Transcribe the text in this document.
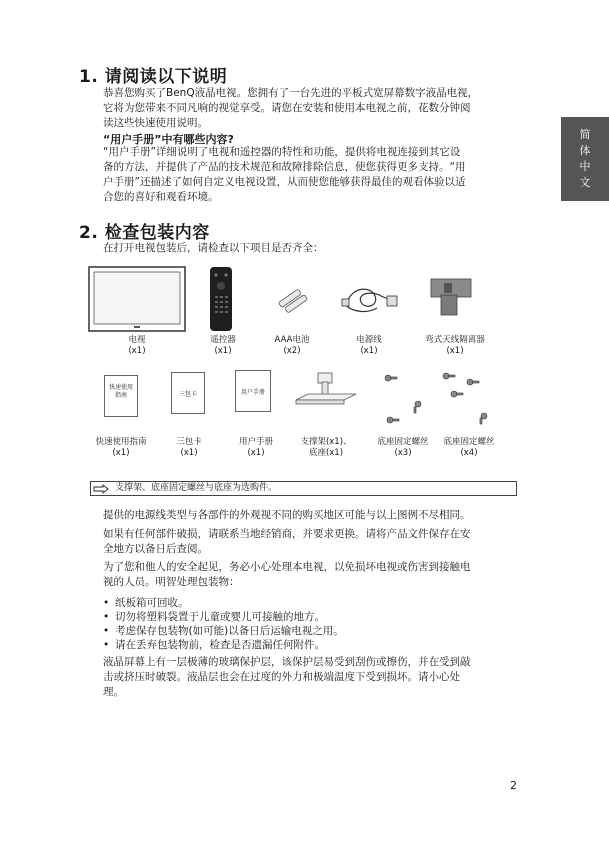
简
体
中
文
1. 请阅读以下说明
恭喜您购买了BenQ液晶电视。您拥有了一台先进的平板式宽屏幕数字液晶电视，
它将为您带来不同凡响的视觉享受。请您在安装和使用本电视之前，花数分钟阅
读这些快速使用说明。
“用户手册”中有哪些内容?
“用户手册”详细说明了电视和遥控器的特性和功能，提供将电视连接到其它设
备的方法，并提供了产品的技术规范和故障排除信息，使您获得更多支持。“用
户手册”还描述了如何自定义电视设置，从而使您能够获得最佳的观看体验以适
合您的喜好和观看环境。
2. 检查包装内容
在打开电视包装后，请检查以下项目是否齐全：
电视
(x1)
遥控器
(x1)
AAA电池
(x2)
电源线
(x1)
弯式天线隔离器
(x1)
快速使用
指南	三包卡	用户手册
快速使用指南
(x1)
三包卡
(x1)
用户手册
(x1)
支撑架(x1)、
底座(x1)
底座固定螺丝
(x3)
底座固定螺丝
(x4)
支撑架、底座固定螺丝与底座为选购件。
提供的电源线类型与各部件的外观视不同的购买地区可能与以上图例不尽相同。
如果有任何部件破损，请联系当地经销商，并要求更换。请将产品文件保存在安
全地方以备日后查阅。
为了您和他人的安全起见，务必小心处理本电视，以免损坏电视或伤害到接触电
视的人员。明智处理包装物：
• 纸板箱可回收。
• 切勿将塑料袋置于儿童或婴儿可接触的地方。
• 考虑保存包装物(如可能)以备日后运输电视之用。
• 请在丢弃包装物前，检查是否遗漏任何附件。
液晶屏幕上有一层极薄的玻璃保护层，该保护层易受到刮伤或擦伤，并在受到敲
击或挤压时破裂。液晶层也会在过度的外力和极端温度下受到损坏。请小心处
理。
2
